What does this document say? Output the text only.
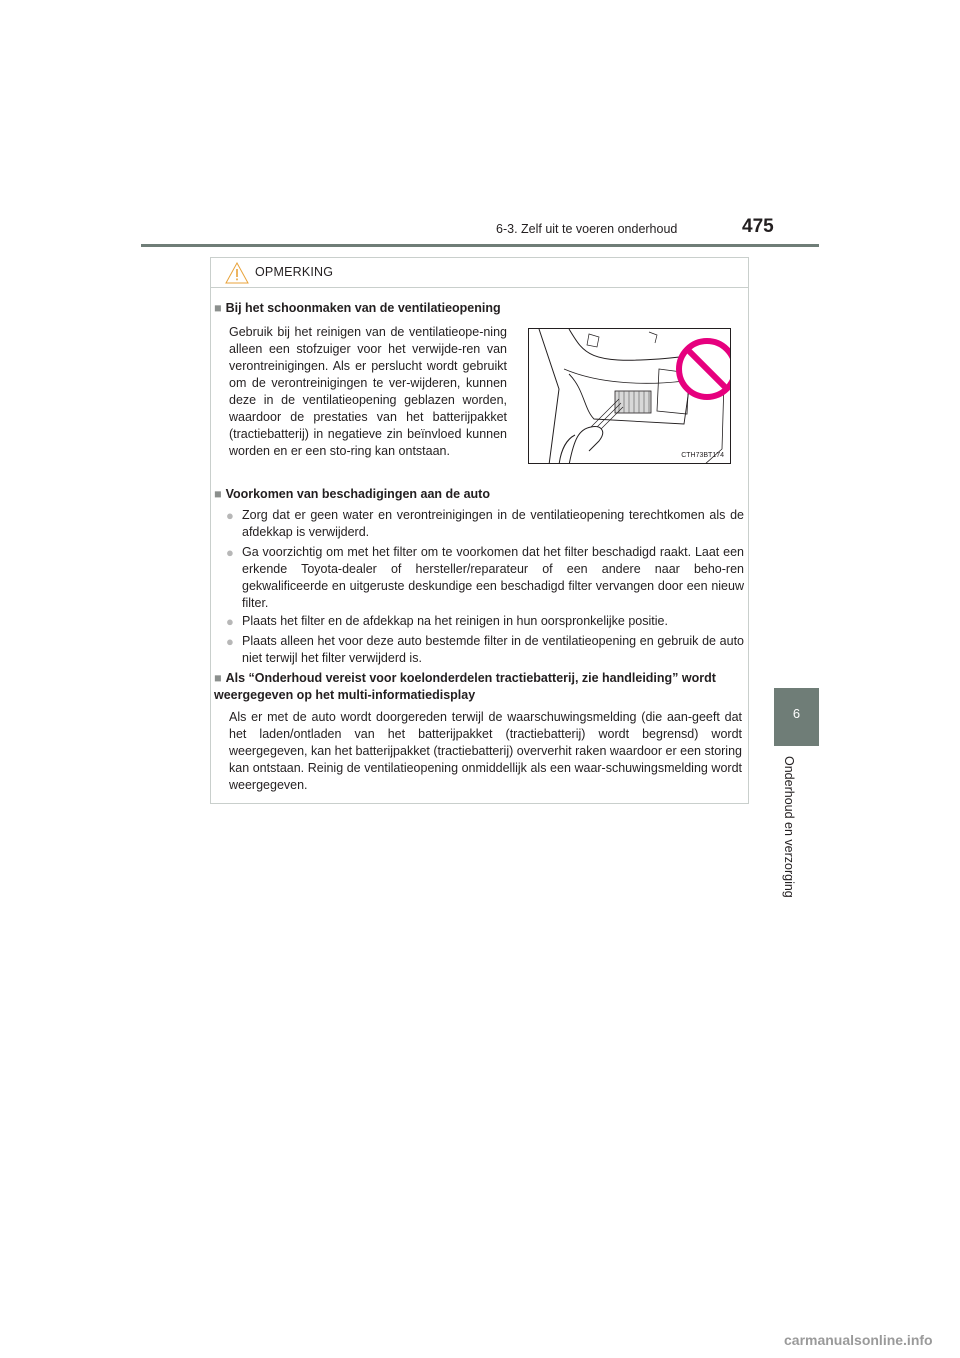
6-3. Zelf uit te voeren onderhoud	475
6
Onderhoud en verzorging
OPMERKING
■ Bij het schoonmaken van de ventilatieopening
Gebruik bij het reinigen van de ventilatieope-ning alleen een stofzuiger voor het verwijde-ren van verontreinigingen. Als er perslucht wordt gebruikt om de verontreinigingen te ver-wijderen, kunnen deze in de ventilatieopening geblazen worden, waardoor de prestaties van het batterijpakket (tractiebatterij) in negatieve zin beïnvloed kunnen worden en er een sto-ring kan ontstaan.	CTH73BT174
■ Voorkomen van beschadigingen aan de auto
● Zorg dat er geen water en verontreinigingen in de ventilatieopening terechtkomen als de afdekkap is verwijderd.
● Ga voorzichtig om met het filter om te voorkomen dat het filter beschadigd raakt. Laat een erkende Toyota-dealer of hersteller/reparateur of een andere naar beho-ren gekwalificeerde en uitgeruste deskundige een beschadigd filter vervangen door een nieuw filter.
● Plaats het filter en de afdekkap na het reinigen in hun oorspronkelijke positie.
● Plaats alleen het voor deze auto bestemde filter in de ventilatieopening en gebruik de auto niet terwijl het filter verwijderd is.
■ Als “Onderhoud vereist voor koelonderdelen tractiebatterij, zie handleiding” wordt weergegeven op het multi-informatiedisplay
Als er met de auto wordt doorgereden terwijl de waarschuwingsmelding (die aan-geeft dat het laden/ontladen van het batterijpakket (tractiebatterij) wordt begrensd) wordt weergegeven, kan het batterijpakket (tractiebatterij) oververhit raken waardoor er een storing kan ontstaan. Reinig de ventilatieopening onmiddellijk als een waar-schuwingsmelding wordt weergegeven.
carmanualsonline.info
